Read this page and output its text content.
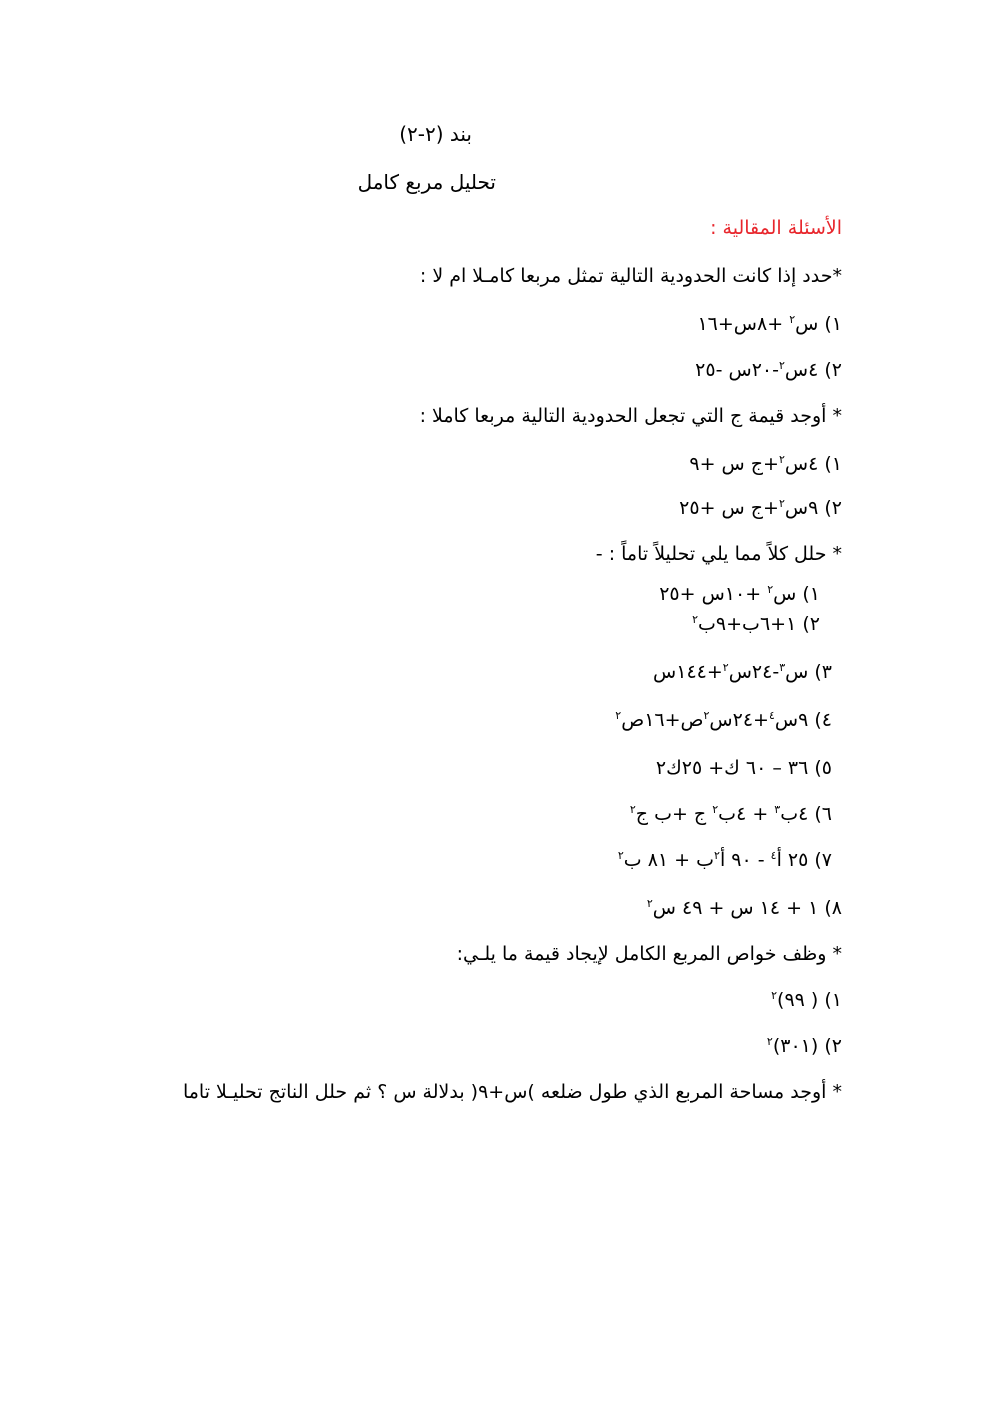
بند (٢-٢)
تحليل مربع كامل
الأسئلة المقالية :
*حدد إذا كانت الحدودية التالية تمثل مربعا كامـلا ام لا :
١) س$^٢$ +٨س+١٦
٢) ٤س$^٢$-٢٠س -٢٥
* أوجد قيمة ج التي تجعل الحدودية التالية مربعا كاملا :
١) ٤س$^٢$+ج س +٩
٢) ٩س$^٢$+ج س +٢٥
* حلل كلاً مما يلي تحليلاً تاماً : -
١) س$^٢$ +١٠س +٢٥
٢) ١+٦ب+٩ب$^٢$
٣) س$^٣$-٢٤س$^٢$+١٤٤س
٤) ٩س$^٤$+٢٤س$^٢$ص+١٦ص$^٢$
٥) ٣٦ – ٦٠ ك+ ٢٥ك٢
٦) ٤ب$^٣$ + ٤ب$^٢$ ج +ب ج$^٢$
٧) ٢٥ أ$^٤$ - ٩٠ أ$^٢$ب + ٨١ ب$^٢$
٨) ١ + ١٤ س + ٤٩ س$^٢$
* وظف خواص المربع الكامل لإيجاد قيمة ما يلـي:
١) ( ٩٩)$^٢$
٢) (٣٠١)$^٢$
* أوجد مساحة المربع الذي طول ضلعه )س+٩( بدلالة س ؟ ثم حلل الناتج تحليـلا تاما
